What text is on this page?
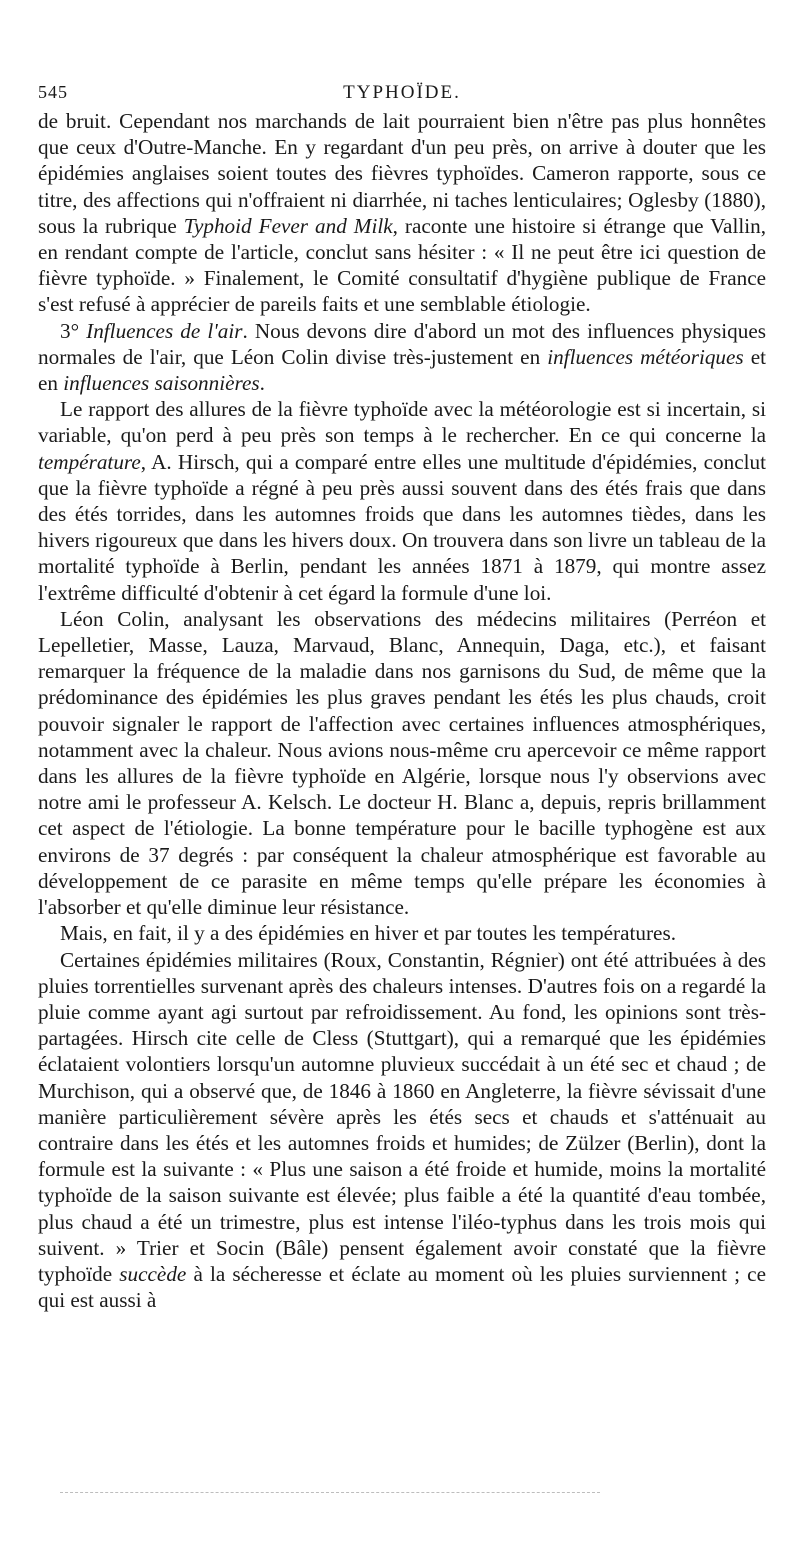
545	TYPHOÏDE.

de bruit. Cependant nos marchands de lait pourraient bien n'être pas plus honnêtes que ceux d'Outre-Manche. En y regardant d'un peu près, on arrive à douter que les épidémies anglaises soient toutes des fièvres typhoïdes. Cameron rapporte, sous ce titre, des affections qui n'offraient ni diarrhée, ni taches lenticulaires; Oglesby (1880), sous la rubrique Typhoid Fever and Milk, raconte une histoire si étrange que Vallin, en rendant compte de l'article, conclut sans hésiter : « Il ne peut être ici question de fièvre typhoïde. » Finalement, le Comité consultatif d'hygiène publique de France s'est refusé à apprécier de pareils faits et une semblable étiologie.

3° Influences de l'air. Nous devons dire d'abord un mot des influences physiques normales de l'air, que Léon Colin divise très-justement en influences météoriques et en influences saisonnières.

Le rapport des allures de la fièvre typhoïde avec la météorologie est si incertain, si variable, qu'on perd à peu près son temps à le rechercher. En ce qui concerne la température, A. Hirsch, qui a comparé entre elles une multitude d'épidémies, conclut que la fièvre typhoïde a régné à peu près aussi souvent dans des étés frais que dans des étés torrides, dans les automnes froids que dans les automnes tièdes, dans les hivers rigoureux que dans les hivers doux. On trouvera dans son livre un tableau de la mortalité typhoïde à Berlin, pendant les années 1871 à 1879, qui montre assez l'extrême difficulté d'obtenir à cet égard la formule d'une loi.

Léon Colin, analysant les observations des médecins militaires (Perréon et Lepelletier, Masse, Lauza, Marvaud, Blanc, Annequin, Daga, etc.), et faisant remarquer la fréquence de la maladie dans nos garnisons du Sud, de même que la prédominance des épidémies les plus graves pendant les étés les plus chauds, croit pouvoir signaler le rapport de l'affection avec certaines influences atmosphériques, notamment avec la chaleur. Nous avions nous-même cru apercevoir ce même rapport dans les allures de la fièvre typhoïde en Algérie, lorsque nous l'y observions avec notre ami le professeur A. Kelsch. Le docteur H. Blanc a, depuis, repris brillamment cet aspect de l'étiologie. La bonne température pour le bacille typhogène est aux environs de 37 degrés : par conséquent la chaleur atmosphérique est favorable au développement de ce parasite en même temps qu'elle prépare les économies à l'absorber et qu'elle diminue leur résistance.

Mais, en fait, il y a des épidémies en hiver et par toutes les températures.

Certaines épidémies militaires (Roux, Constantin, Régnier) ont été attribuées à des pluies torrentielles survenant après des chaleurs intenses. D'autres fois on a regardé la pluie comme ayant agi surtout par refroidissement. Au fond, les opinions sont très-partagées. Hirsch cite celle de Cless (Stuttgart), qui a remarqué que les épidémies éclataient volontiers lorsqu'un automne pluvieux succédait à un été sec et chaud ; de Murchison, qui a observé que, de 1846 à 1860 en Angleterre, la fièvre sévissait d'une manière particulièrement sévère après les étés secs et chauds et s'atténuait au contraire dans les étés et les automnes froids et humides; de Zülzer (Berlin), dont la formule est la suivante : « Plus une saison a été froide et humide, moins la mortalité typhoïde de la saison suivante est élevée; plus faible a été la quantité d'eau tombée, plus chaud a été un trimestre, plus est intense l'iléo-typhus dans les trois mois qui suivent. » Trier et Socin (Bâle) pensent également avoir constaté que la fièvre typhoïde succède à la sécheresse et éclate au moment où les pluies surviennent ; ce qui est aussi à
